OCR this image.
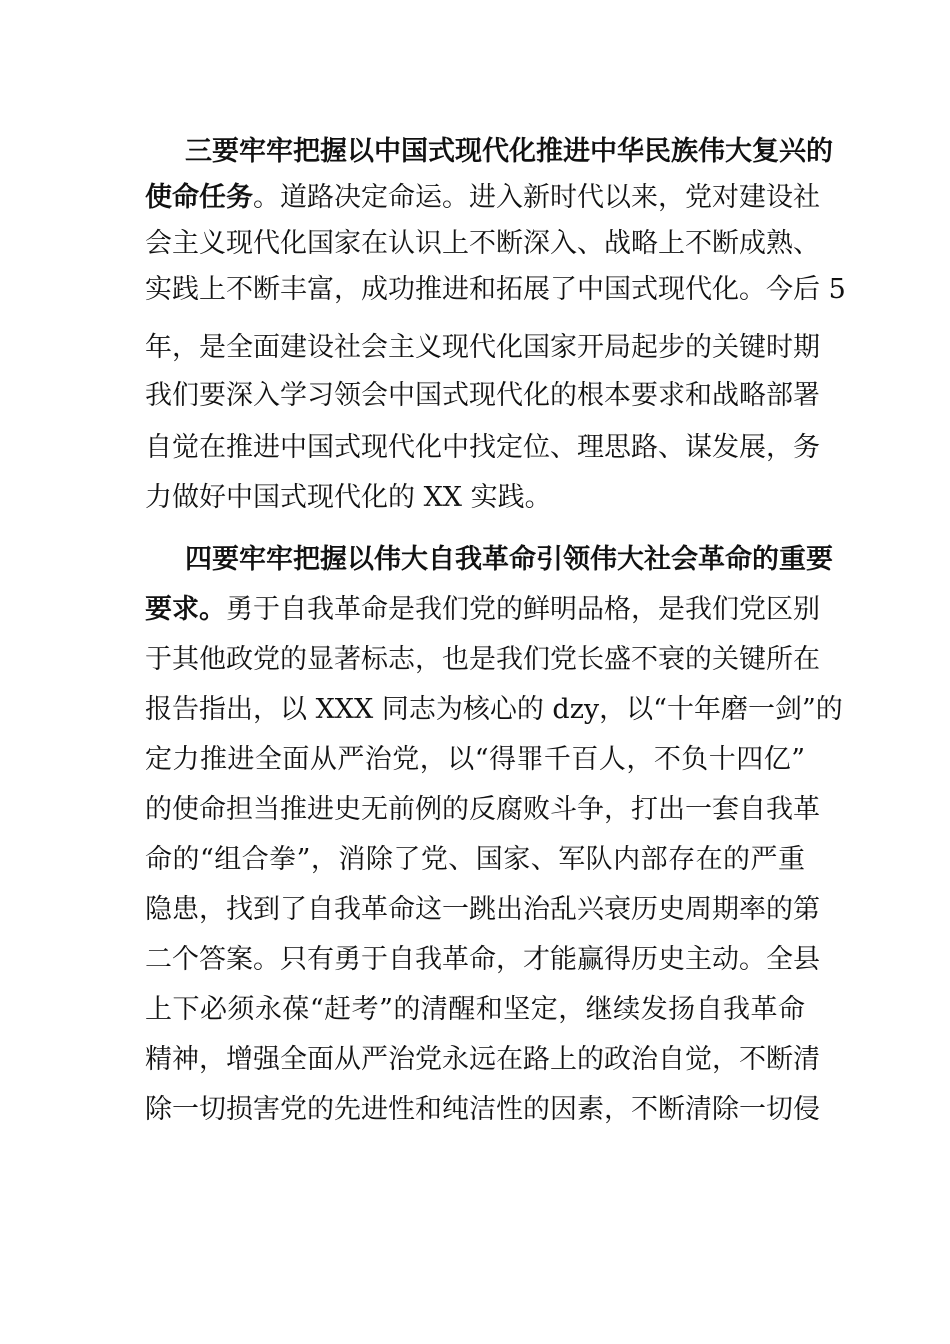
三要牢牢把握以中国式现代化推进中华民族伟大复兴的
使命任务。道路决定命运。进入新时代以来，党对建设社
会主义现代化国家在认识上不断深入、战略上不断成熟、
实践上不断丰富，成功推进和拓展了中国式现代化。今后 5
年，是全面建设社会主义现代化国家开局起步的关键时期
我们要深入学习领会中国式现代化的根本要求和战略部署
自觉在推进中国式现代化中找定位、理思路、谋发展，务
力做好中国式现代化的 XX 实践。
四要牢牢把握以伟大自我革命引领伟大社会革命的重要
要求。勇于自我革命是我们党的鲜明品格，是我们党区别
于其他政党的显著标志，也是我们党长盛不衰的关键所在
报告指出，以 XXX 同志为核心的 dzy，以“十年磨一剑”的
定力推进全面从严治党，以“得罪千百人，不负十四亿”
的使命担当推进史无前例的反腐败斗争，打出一套自我革
命的“组合拳”，消除了党、国家、军队内部存在的严重
隐患，找到了自我革命这一跳出治乱兴衰历史周期率的第
二个答案。只有勇于自我革命，才能赢得历史主动。全县
上下必须永葆“赶考”的清醒和坚定，继续发扬自我革命
精神，增强全面从严治党永远在路上的政治自觉，不断清
除一切损害党的先进性和纯洁性的因素，不断清除一切侵
